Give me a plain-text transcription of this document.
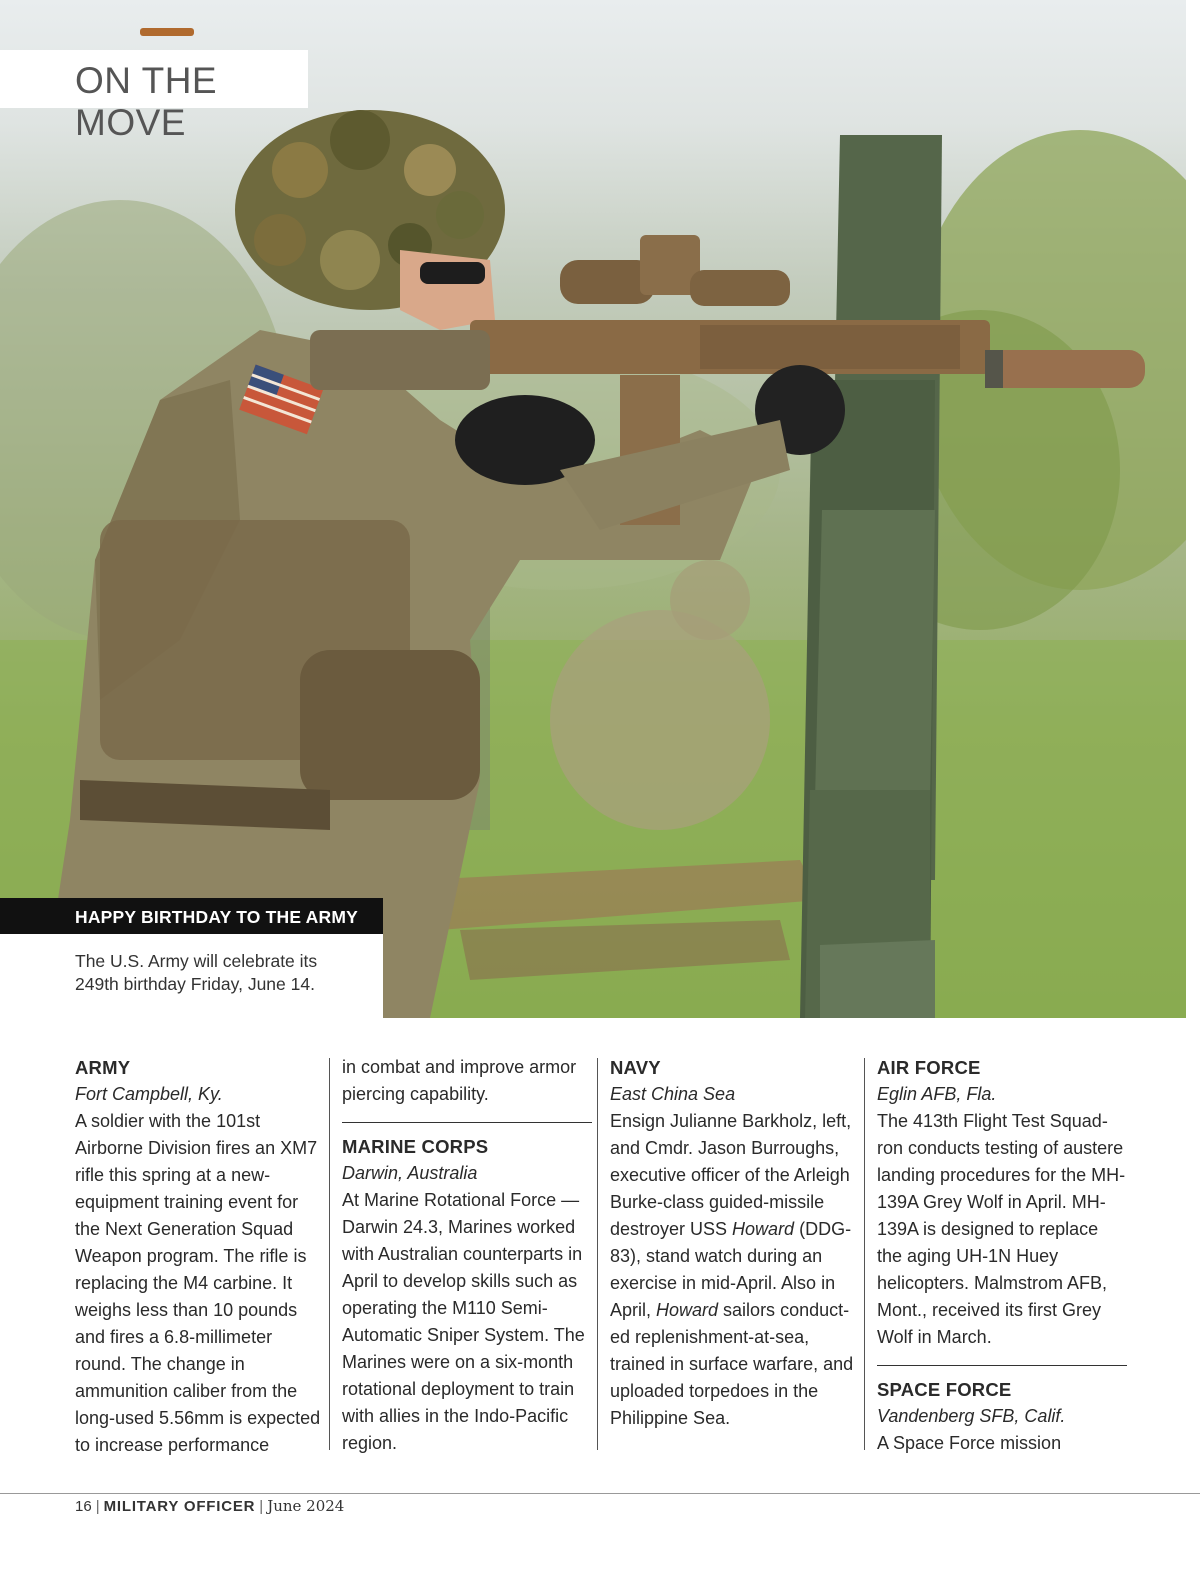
ON THE MOVE
HAPPY BIRTHDAY TO THE ARMY

The U.S. Army will celebrate its 249th birthday Friday, June 14.

ARMY

Fort Campbell, Ky.

A soldier with the 101st Airborne Division fires an XM7 rifle this spring at a new-equipment training event for the Next Generation Squad Weapon program. The rifle is replacing the M4 carbine. It weighs less than 10 pounds and fires a 6.8-millimeter round. The change in ammunition caliber from the long-used 5.56mm is expected to increase performance

in combat and improve armor piercing capability.

MARINE CORPS

Darwin, Australia

At Marine Rotational Force — Darwin 24.3, Marines worked with Australian counterparts in April to develop skills such as operating the M110 Semi-Automatic Sniper System. The Marines were on a six-month rotational deployment to train with allies in the Indo-Pacific region.

NAVY

East China Sea

Ensign Julianne Barkholz, left, and Cmdr. Jason Burroughs, executive officer of the Arleigh Burke-class guided-missile destroyer USS Howard (DDG-83), stand watch during an exercise in mid-April. Also in April, Howard sailors conducted replenishment-at-sea, trained in surface warfare, and uploaded torpedoes in the Philippine Sea.

AIR FORCE

Eglin AFB, Fla.

The 413th Flight Test Squadron conducts testing of austere landing procedures for the MH-139A Grey Wolf in April. MH-139A is designed to replace the aging UH-1N Huey helicopters. Malmstrom AFB, Mont., received its first Grey Wolf in March.

SPACE FORCE

Vandenberg SFB, Calif.

A Space Force mission

16 | MILITARY OFFICER | June 2024
